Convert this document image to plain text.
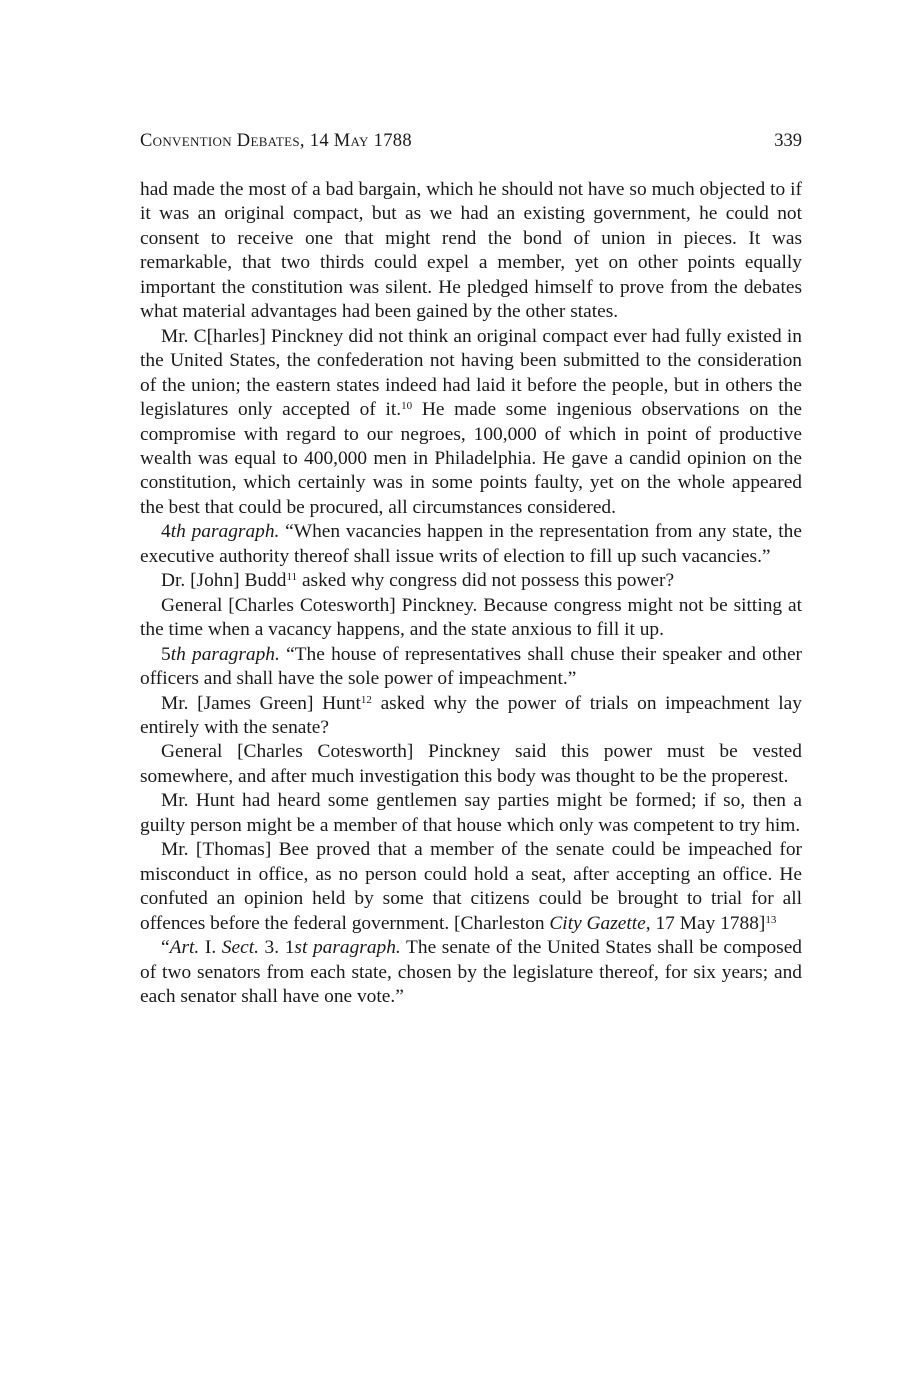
Convention Debates, 14 May 1788	339

had made the most of a bad bargain, which he should not have so much objected to if it was an original compact, but as we had an existing government, he could not consent to receive one that might rend the bond of union in pieces. It was remarkable, that two thirds could expel a member, yet on other points equally important the constitution was silent. He pledged himself to prove from the debates what material advantages had been gained by the other states.

Mr. C[harles] Pinckney did not think an original compact ever had fully existed in the United States, the confederation not having been submitted to the consideration of the union; the eastern states indeed had laid it before the people, but in others the legislatures only accepted of it.$^{10}$ He made some ingenious observations on the compromise with regard to our negroes, 100,000 of which in point of productive wealth was equal to 400,000 men in Philadelphia. He gave a candid opinion on the constitution, which certainly was in some points faulty, yet on the whole appeared the best that could be procured, all circumstances considered.

4th paragraph. “When vacancies happen in the representation from any state, the executive authority thereof shall issue writs of election to fill up such vacancies.”

Dr. [John] Budd$^{11}$ asked why congress did not possess this power?

General [Charles Cotesworth] Pinckney. Because congress might not be sitting at the time when a vacancy happens, and the state anxious to fill it up.

5th paragraph. “The house of representatives shall chuse their speaker and other officers and shall have the sole power of impeachment.”

Mr. [James Green] Hunt$^{12}$ asked why the power of trials on impeachment lay entirely with the senate?

General [Charles Cotesworth] Pinckney said this power must be vested somewhere, and after much investigation this body was thought to be the properest.

Mr. Hunt had heard some gentlemen say parties might be formed; if so, then a guilty person might be a member of that house which only was competent to try him.

Mr. [Thomas] Bee proved that a member of the senate could be impeached for misconduct in office, as no person could hold a seat, after accepting an office. He confuted an opinion held by some that citizens could be brought to trial for all offences before the federal government. [Charleston City Gazette, 17 May 1788]$^{13}$

“Art. I. Sect. 3. 1st paragraph. The senate of the United States shall be composed of two senators from each state, chosen by the legislature thereof, for six years; and each senator shall have one vote.”
